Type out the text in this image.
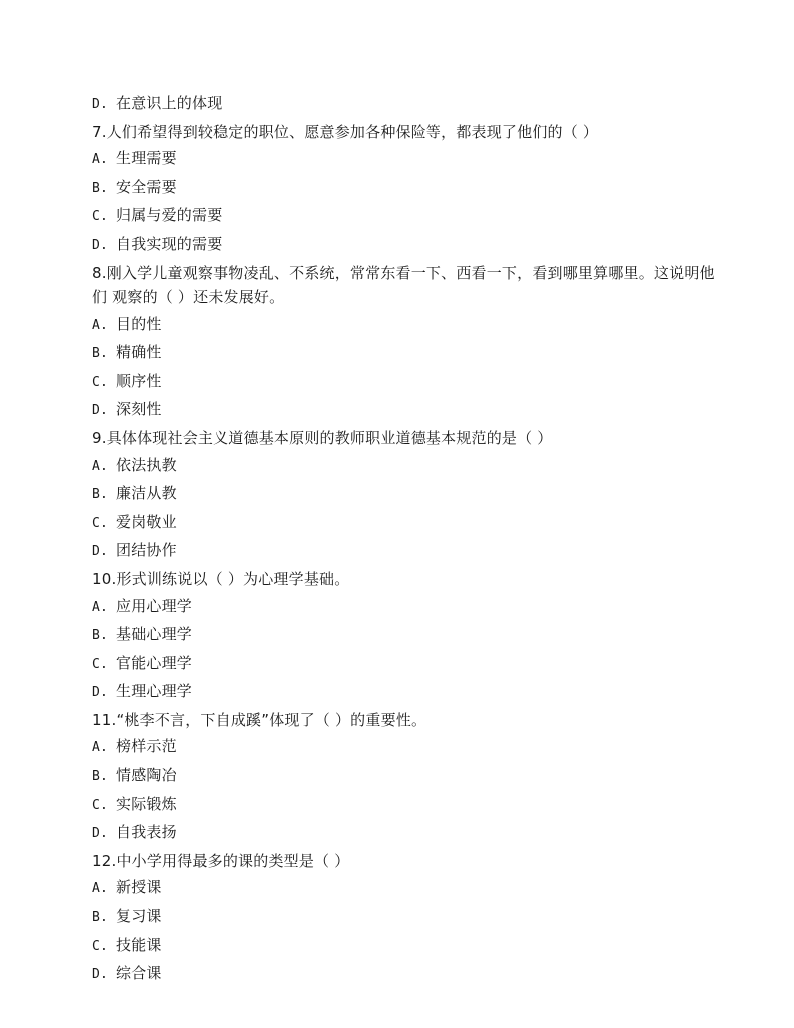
D. 在意识上的体现
7.人们希望得到较稳定的职位、愿意参加各种保险等，都表现了他们的（ ）
A. 生理需要
B. 安全需要
C. 归属与爱的需要
D. 自我实现的需要
8.刚入学儿童观察事物凌乱、不系统，常常东看一下、西看一下，看到哪里算哪里。这说明他们 观察的（ ）还未发展好。
A. 目的性
B. 精确性
C. 顺序性
D. 深刻性
9.具体体现社会主义道德基本原则的教师职业道德基本规范的是（ ）
A. 依法执教
B. 廉洁从教
C. 爱岗敬业
D. 团结协作
10.形式训练说以（ ）为心理学基础。
A. 应用心理学
B. 基础心理学
C. 官能心理学
D. 生理心理学
11.“桃李不言，下自成蹊”体现了（ ）的重要性。
A. 榜样示范
B. 情感陶冶
C. 实际锻炼
D. 自我表扬
12.中小学用得最多的课的类型是（ ）
A. 新授课
B. 复习课
C. 技能课
D. 综合课
